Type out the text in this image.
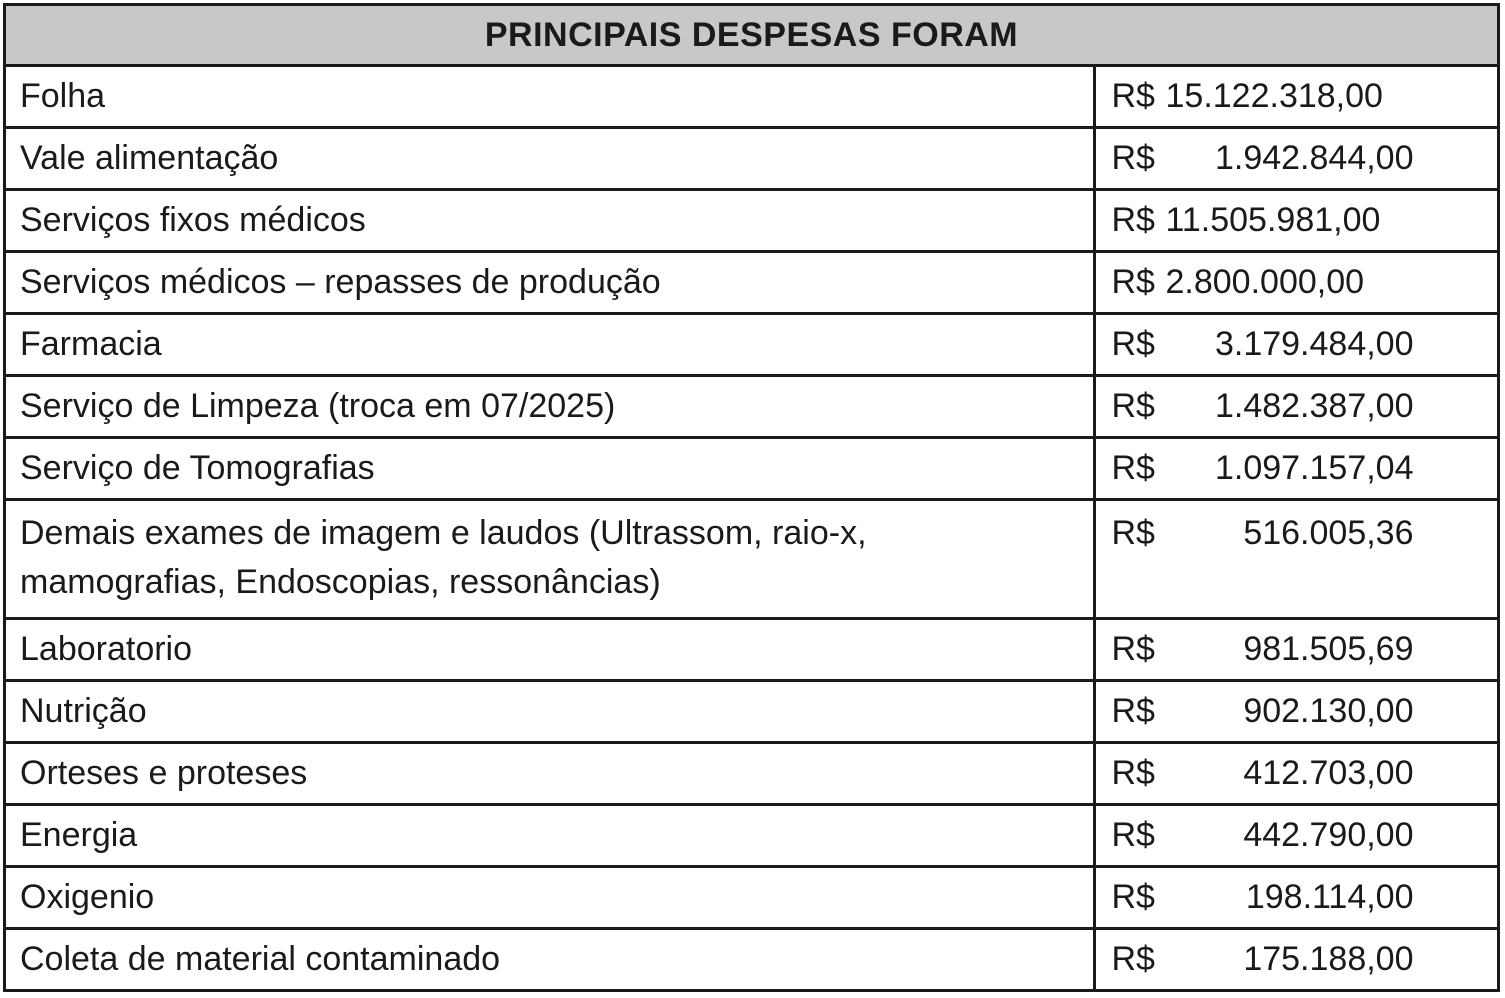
PRINCIPAIS DESPESAS FORAM	
Folha	R$ 15.122.318,00
Vale alimentação	R$ 1.942.844,00
Serviços fixos médicos	R$ 11.505.981,00
Serviços médicos – repasses de produção	R$ 2.800.000,00
Farmacia	R$ 3.179.484,00
Serviço de Limpeza (troca em 07/2025)	R$ 1.482.387,00
Serviço de Tomografias	R$ 1.097.157,04
Demais exames de imagem e laudos (Ultrassom, raio-x, mamografias, Endoscopias, ressonâncias)	R$ 516.005,36
Laboratorio	R$ 981.505,69
Nutrição	R$ 902.130,00
Orteses e proteses	R$ 412.703,00
Energia	R$ 442.790,00
Oxigenio	R$ 198.114,00
Coleta de material contaminado	R$ 175.188,00
